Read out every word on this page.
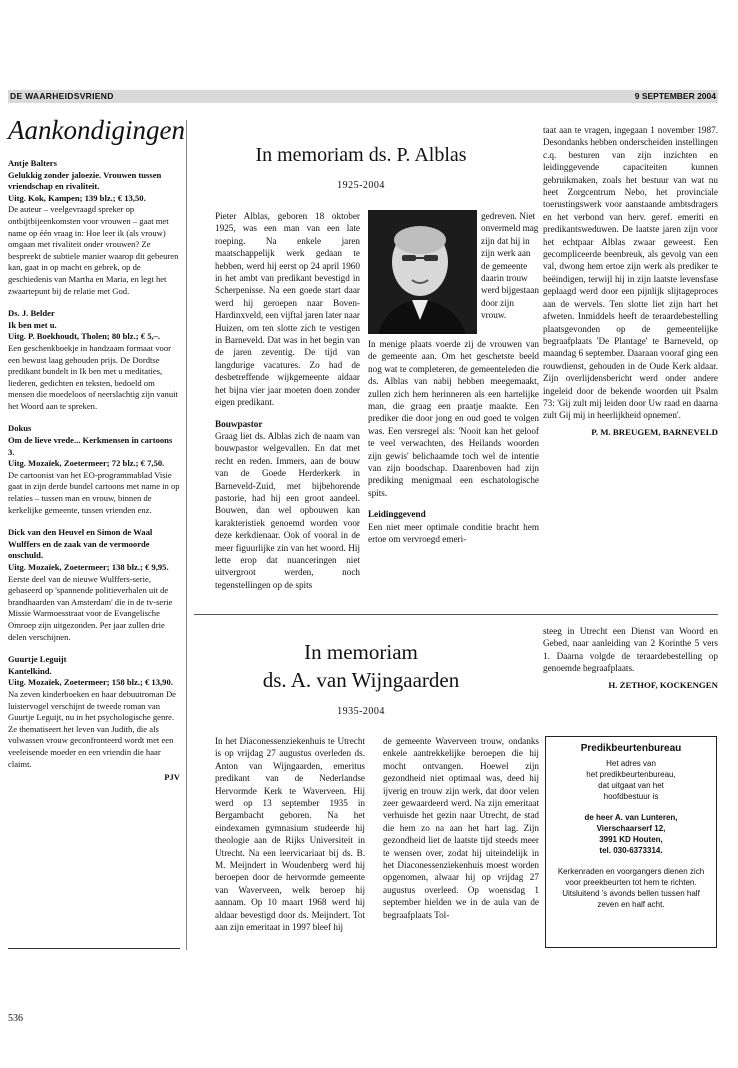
DE WAARHEIDSVRIEND	9 SEPTEMBER 2004
Aankondigingen
Antje Balters
Gelukkig zonder jaloezie. Vrouwen tussen vriendschap en rivaliteit.
Uitg. Kok, Kampen; 139 blz.; € 13,50.
De auteur – veelgevraagd spreker op ontbijtbijeenkomsten voor vrouwen – gaat met name op één vraag in: Hoe leer ik (als vrouw) omgaan met rivaliteit onder vrouwen? Ze bespreekt de subtiele manier waarop dit gebeuren kan, gaat in op macht en gebrek, op de geschiedenis van Martha en Maria, en legt het zwaartepunt bij de relatie met God.
Ds. J. Belder
Ik ben met u.
Uitg. P. Boekhoudt, Tholen; 80 blz.; € 5,–.
Een geschenkboekje in handzaam formaat voor een bewust laag gehouden prijs. De Dordtse predikant bundelt in Ik ben met u meditaties, liederen, gedichten en teksten, bedoeld om mensen die moedeloos of neerslachtig zijn vanuit het Woord aan te spreken.
Dokus
Om de lieve vrede... Kerkmensen in cartoons 3.
Uitg. Mozaïek, Zoetermeer; 72 blz.; € 7,50.
De cartoonist van het EO-programmablad Visie gaat in zijn derde bundel cartoons met name in op relaties – tussen man en vrouw, binnen de kerkelijke gemeente, tussen vrienden enz.
Dick van den Heuvel en Simon de Waal
Wulffers en de zaak van de vermoorde onschuld.
Uitg. Mozaïek, Zoetermeer; 138 blz.; € 9,95.
Eerste deel van de nieuwe Wulffers-serie, gebaseerd op 'spannende politieverhalen uit de brandhaarden van Amsterdam' die in de tv-serie Missie Warmoesstraat voor de Evangelische Omroep zijn uitgezonden. Per jaar zullen drie delen verschijnen.
Guurtje Leguijt
Kantelkind.
Uitg. Mozaïek, Zoetermeer; 158 blz.; € 13,90.
Na zeven kinderboeken en haar debuutroman De luistervogel verschijnt de tweede roman van Guurtje Leguijt, nu in het psychologische genre. Ze thematiseert het leven van Judith, die als volwassen vrouw geconfronteerd wordt met een veeleisende moeder en een vriendin die haar claimt.
PJV
In memoriam ds. P. Alblas
1925-2004

Pieter Alblas, geboren 18 oktober 1925, was een man van een late roeping. Na enkele jaren maatschappelijk werk gedaan te hebben, werd hij eerst op 24 april 1960 in het ambt van predikant bevestigd in Scherpenisse. Na een goede start daar werd hij geroepen naar Boven-Hardinxveld, een vijftal jaren later naar Huizen, om ten slotte zich te vestigen in Barneveld. Dat was in het begin van de jaren zeventig. De tijd van langdurige vacatures. Zo had de desbetreffende wijkgemeente aldaar het bijna vier jaar moeten doen zonder eigen predikant.

Bouwpastor

Graag liet ds. Alblas zich de naam van bouwpastor welgevallen. En dat met recht en reden. Immers, aan de bouw van de Goede Herderkerk in Barneveld-Zuid, met bijbehorende pastorie, had hij een groot aandeel. Bouwen, dan wel opbouwen kan karakteristiek genoemd worden voor deze kerkdienaar. Ook of vooral in de meer figuurlijke zin van het woord. Hij lette erop dat nuanceringen niet uitvergroot werden, noch tegenstellingen op de spits

gedreven. Niet onvermeld mag zijn dat hij in zijn werk aan de gemeente daarin trouw werd bijgestaan door zijn vrouw.

In menige plaats voerde zij de vrouwen van de gemeente aan. Om het geschetste beeld nog wat te completeren, de gemeenteleden die ds. Alblas van nabij hebben meegemaakt, zullen zich hem herinneren als een hartelijke man, die graag een praatje maakte. Een prediker die door jong en oud goed te volgen was. Een versregel als: 'Nooit kan het geloof te veel verwachten, des Heilands woorden zijn gewis' belichaamde toch wel de intentie van zijn boodschap. Daarenboven had zijn prediking menigmaal een eschatologische spits.

Leidinggevend

Een niet meer optimale conditie bracht hem ertoe om vervroegd emeri-

taat aan te vragen, ingegaan 1 november 1987. Desondanks hebben onderscheiden instellingen c.q. besturen van zijn inzichten en leidinggevende capaciteiten kunnen gebruikmaken, zoals het bestuur van wat nu heet Zorgcentrum Nebo, het provinciale toerustingswerk voor aanstaande ambtsdragers en het verbond van herv. geref. emeriti en predikantsweduwen. De laatste jaren zijn voor het echtpaar Alblas zwaar geweest. Een gecompliceerde beenbreuk, als gevolg van een val, dwong hem ertoe zijn werk als prediker te beëindigen, terwijl hij in zijn laatste levensfase geplaagd werd door een pijnlijk slijtageproces aan de wervels. Ten slotte liet zijn hart het afweten. Inmiddels heeft de teraardebestelling plaatsgevonden op de gemeentelijke begraafplaats 'De Plantage' te Barneveld, op maandag 6 september. Daaraan vooraf ging een rouwdienst, gehouden in de Oude Kerk aldaar. Zijn overlijdensbericht werd onder andere ingeleid door de bekende woorden uit Psalm 73: 'Gij zult mij leiden door Uw raad en daarna zult Gij mij in heerlijkheid opnemen'.

P. M. BREUGEM, BARNEVELD
In memoriam
ds. A. van Wijngaarden
1935-2004

In het Diaconessenziekenhuis te Utrecht is op vrijdag 27 augustus overleden ds. Anton van Wijngaarden, emeritus predikant van de Nederlandse Hervormde Kerk te Waverveen. Hij werd op 13 september 1935 in Bergambacht geboren. Na het eindexamen gymnasium studeerde hij theologie aan de Rijks Universiteit in Utrecht. Na een leervicariaat bij ds. B. M. Meijndert in Woudenberg werd hij beroepen door de hervormde gemeente van Waverveen, welk beroep hij aannam. Op 10 maart 1968 werd hij aldaar bevestigd door ds. Meijndert. Tot aan zijn emeritaat in 1997 bleef hij

de gemeente Waverveen trouw, ondanks enkele aantrekkelijke beroepen die hij mocht ontvangen. Hoewel zijn gezondheid niet optimaal was, deed hij ijverig en trouw zijn werk, dat door velen zeer gewaardeerd werd. Na zijn emeritaat verhuisde het gezin naar Utrecht, de stad die hem zo na aan het hart lag. Zijn gezondheid liet de laatste tijd steeds meer te wensen over, zodat hij uiteindelijk in het Diaconessenziekenhuis moest worden opgenomen, alwaar hij op vrijdag 27 augustus overleed. Op woensdag 1 september hielden we in de aula van de begraafplaats Tol-

steeg in Utrecht een Dienst van Woord en Gebed, naar aanleiding van 2 Korinthe 5 vers 1. Daarna volgde de teraardebestelling op genoemde begraafplaats.

H. ZETHOF, KOCKENGEN
Predikbeurtenbureau

Het adres van

het predikbeurtenbureau,

dat uitgaat van het

hoofdbestuur is

de heer A. van Lunteren,

Vierschaarserf 12,

3991 KD Houten,

tel. 030-6373314.

Kerkenraden en voorgangers dienen zich voor preekbeurten tot hem te richten.

Uitsluitend 's avonds bellen tussen half zeven en half acht.

536
